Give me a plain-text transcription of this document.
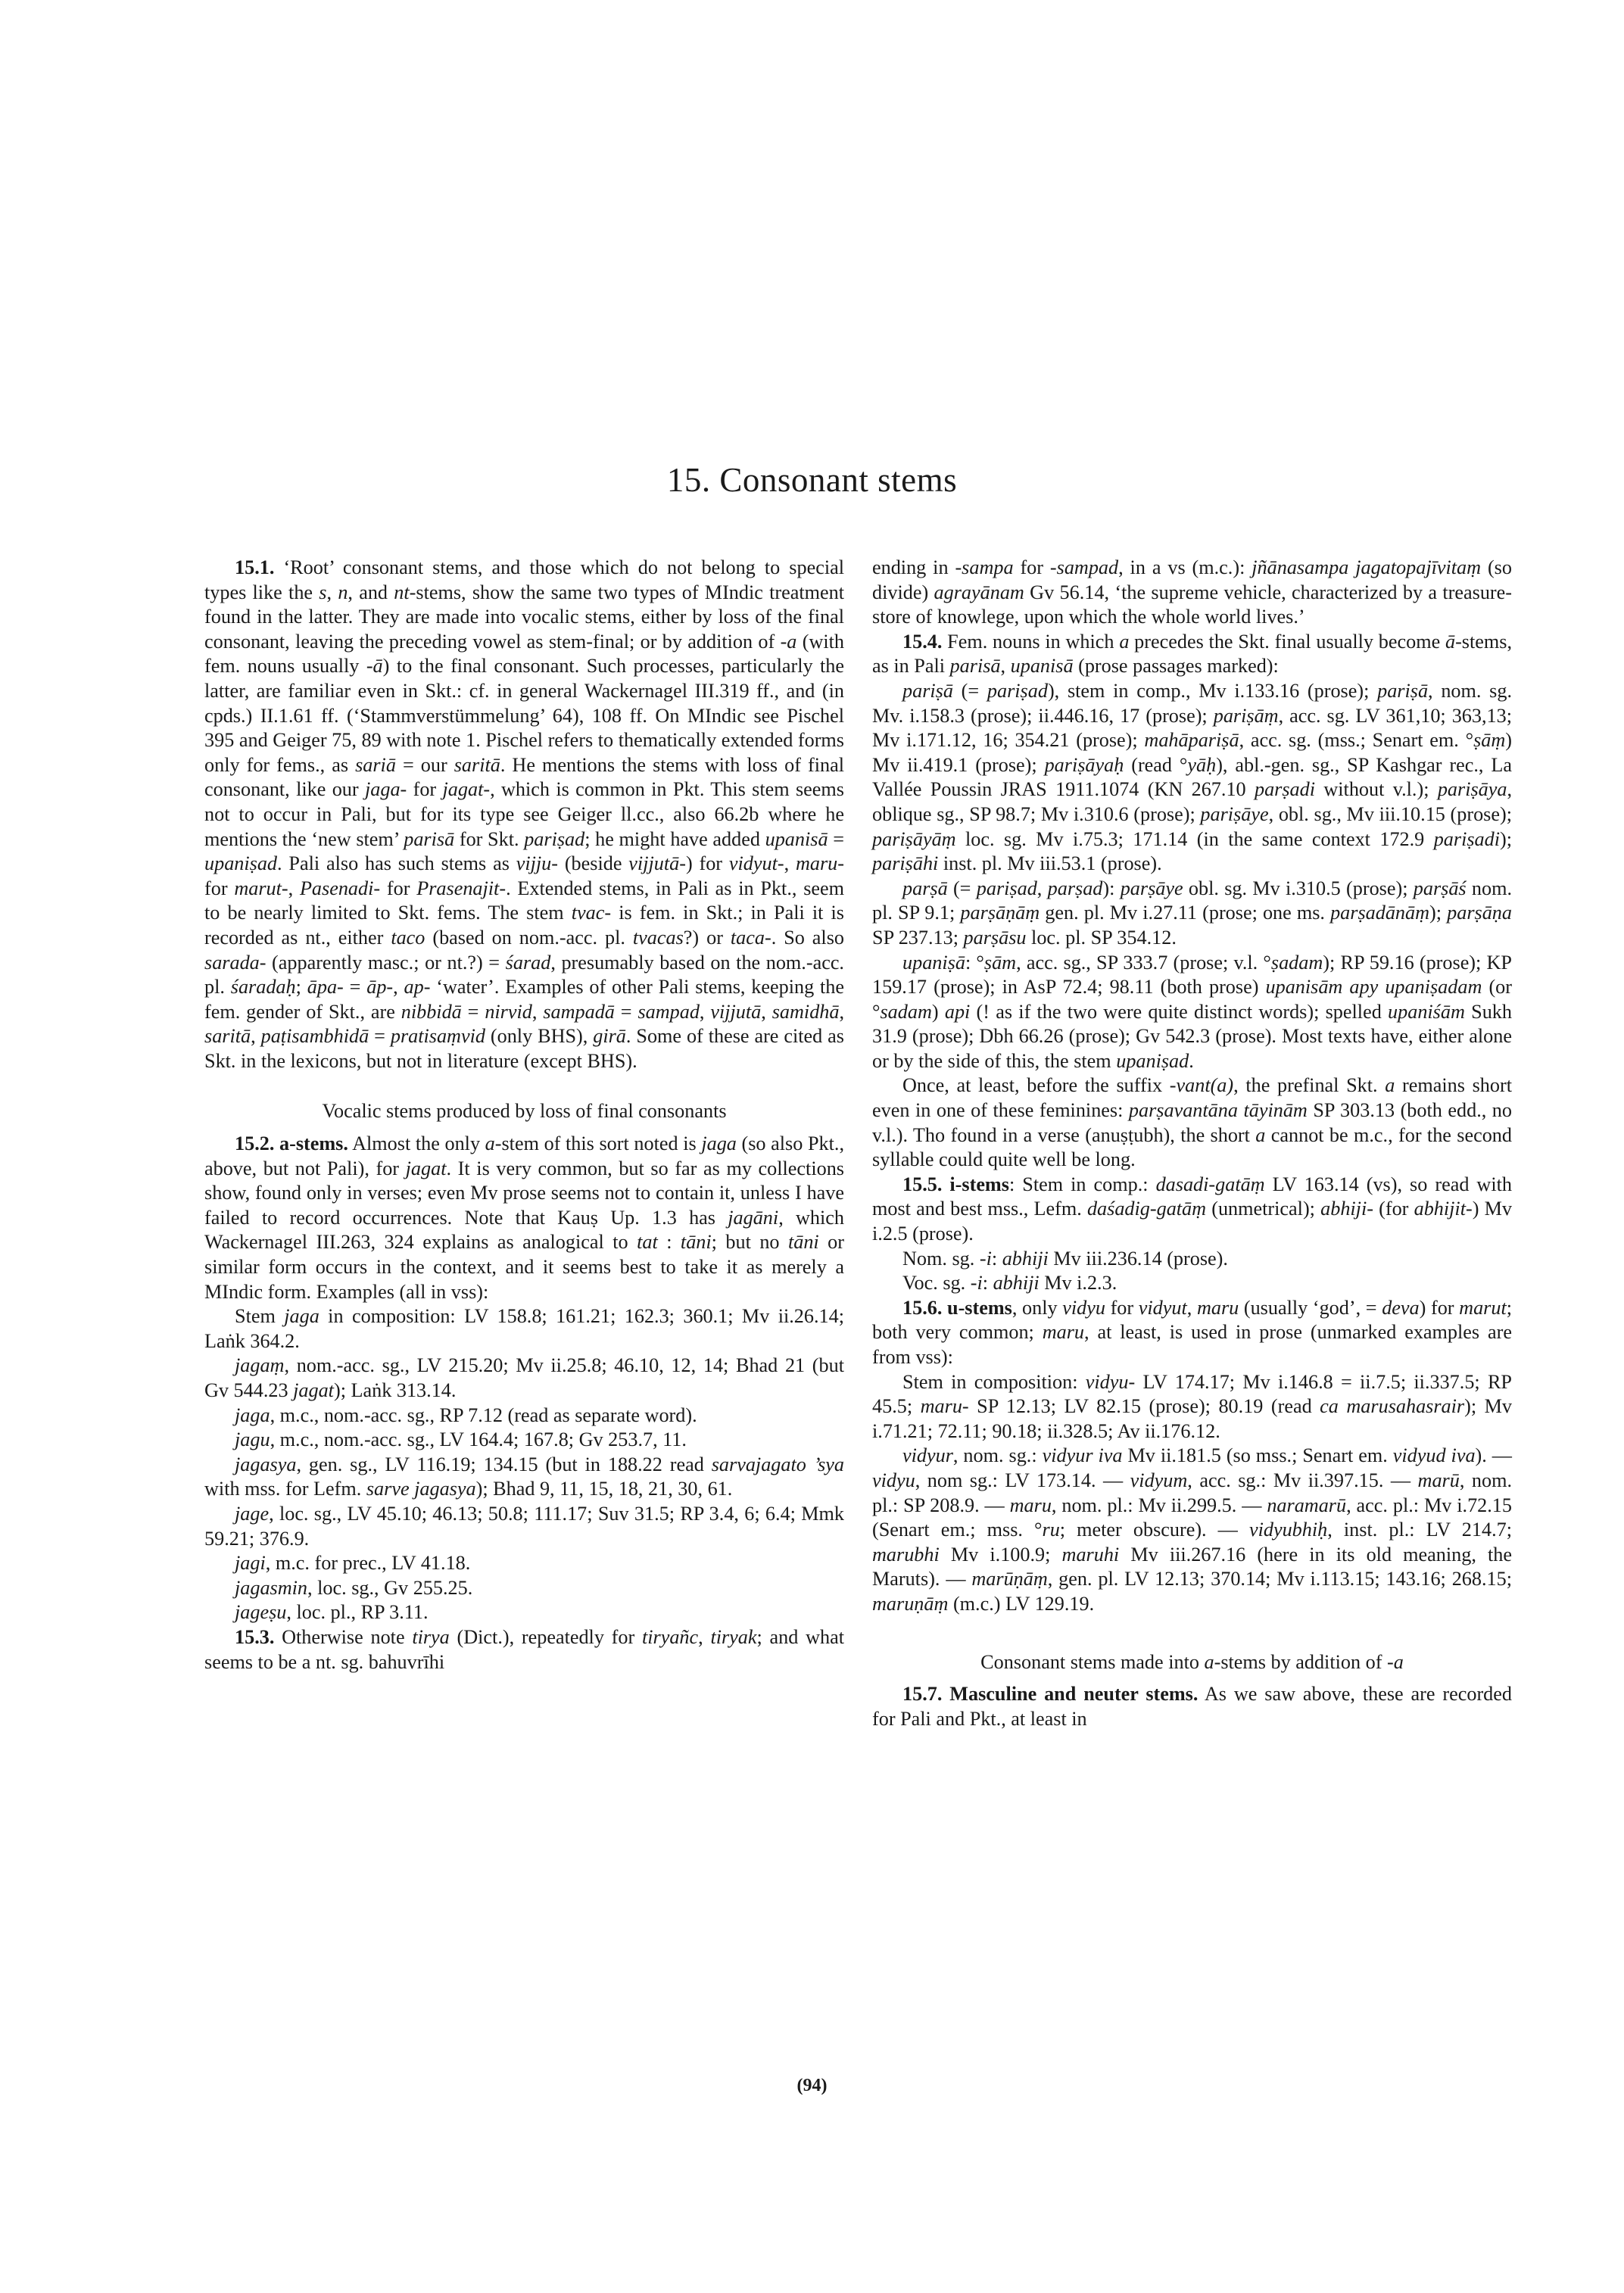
15. Consonant stems

15.1. ‘Root’ consonant stems, and those which do not belong to special types like the s, n, and nt-stems, show the same two types of MIndic treatment found in the latter. They are made into vocalic stems, either by loss of the final consonant, leaving the preceding vowel as stem-final; or by addition of -a (with fem. nouns usually -ā) to the final consonant. Such processes, particularly the latter, are familiar even in Skt.: cf. in general Wackernagel III.319 ff., and (in cpds.) II.1.61 ff. (‘Stammverstümmelung’ 64), 108 ff. On MIndic see Pischel 395 and Geiger 75, 89 with note 1. Pischel refers to thematically extended forms only for fems., as sariā = our saritā. He mentions the stems with loss of final consonant, like our jaga- for jagat-, which is common in Pkt. This stem seems not to occur in Pali, but for its type see Geiger ll.cc., also 66.2b where he mentions the ‘new stem’ parisā for Skt. pariṣad; he might have added upanisā = upaniṣad. Pali also has such stems as vijju- (beside vijjutā-) for vidyut-, maru- for marut-, Pasenadi- for Prasenajit-. Extended stems, in Pali as in Pkt., seem to be nearly limited to Skt. fems. The stem tvac- is fem. in Skt.; in Pali it is recorded as nt., either taco (based on nom.-acc. pl. tvacas?) or taca-. So also sarada- (apparently masc.; or nt.?) = śarad, presumably based on the nom.-acc. pl. śaradaḥ; āpa- = āp-, ap- ‘water’. Examples of other Pali stems, keeping the fem. gender of Skt., are nibbidā = nirvid, sampadā = sampad, vijjutā, samidhā, saritā, paṭisambhidā = pratisaṃvid (only BHS), girā. Some of these are cited as Skt. in the lexicons, but not in literature (except BHS).

Vocalic stems produced by loss of final consonants

15.2. a-stems. Almost the only a-stem of this sort noted is jaga (so also Pkt., above, but not Pali), for jagat. It is very common, but so far as my collections show, found only in verses; even Mv prose seems not to contain it, unless I have failed to record occurrences. Note that Kauṣ Up. 1.3 has jagāni, which Wackernagel III.263, 324 explains as analogical to tat : tāni; but no tāni or similar form occurs in the context, and it seems best to take it as merely a MIndic form. Examples (all in vss):

Stem jaga in composition: LV 158.8; 161.21; 162.3; 360.1; Mv ii.26.14; Laṅk 364.2.

jagaṃ, nom.-acc. sg., LV 215.20; Mv ii.25.8; 46.10, 12, 14; Bhad 21 (but Gv 544.23 jagat); Laṅk 313.14.

jaga, m.c., nom.-acc. sg., RP 7.12 (read as separate word).

jagu, m.c., nom.-acc. sg., LV 164.4; 167.8; Gv 253.7, 11.

jagasya, gen. sg., LV 116.19; 134.15 (but in 188.22 read sarvajagato ’sya with mss. for Lefm. sarve jagasya); Bhad 9, 11, 15, 18, 21, 30, 61.

jage, loc. sg., LV 45.10; 46.13; 50.8; 111.17; Suv 31.5; RP 3.4, 6; 6.4; Mmk 59.21; 376.9.

jagi, m.c. for prec., LV 41.18.

jagasmin, loc. sg., Gv 255.25.

jageṣu, loc. pl., RP 3.11.

15.3. Otherwise note tirya (Dict.), repeatedly for tiryañc, tiryak; and what seems to be a nt. sg. bahuvrīhi

ending in -sampa for -sampad, in a vs (m.c.): jñānasampa jagatopajīvitaṃ (so divide) agrayānam Gv 56.14, ‘the supreme vehicle, characterized by a treasure-store of knowlege, upon which the whole world lives.’

15.4. Fem. nouns in which a precedes the Skt. final usually become ā-stems, as in Pali parisā, upanisā (prose passages marked):

pariṣā (= pariṣad), stem in comp., Mv i.133.16 (prose); pariṣā, nom. sg. Mv. i.158.3 (prose); ii.446.16, 17 (prose); pariṣāṃ, acc. sg. LV 361,10; 363,13; Mv i.171.12, 16; 354.21 (prose); mahāpariṣā, acc. sg. (mss.; Senart em. °ṣāṃ) Mv ii.419.1 (prose); pariṣāyaḥ (read °yāḥ), abl.-gen. sg., SP Kashgar rec., La Vallée Poussin JRAS 1911.1074 (KN 267.10 parṣadi without v.l.); pariṣāya, oblique sg., SP 98.7; Mv i.310.6 (prose); pariṣāye, obl. sg., Mv iii.10.15 (prose); pariṣāyāṃ loc. sg. Mv i.75.3; 171.14 (in the same context 172.9 pariṣadi); pariṣāhi inst. pl. Mv iii.53.1 (prose).

parṣā (= pariṣad, parṣad): parṣāye obl. sg. Mv i.310.5 (prose); parṣāś nom. pl. SP 9.1; parṣāṇāṃ gen. pl. Mv i.27.11 (prose; one ms. parṣadānāṃ); parṣāṇa SP 237.13; parṣāsu loc. pl. SP 354.12.

upaniṣā: °ṣām, acc. sg., SP 333.7 (prose; v.l. °ṣadam); RP 59.16 (prose); KP 159.17 (prose); in AsP 72.4; 98.11 (both prose) upanisām apy upaniṣadam (or °sadam) api (! as if the two were quite distinct words); spelled upaniśām Sukh 31.9 (prose); Dbh 66.26 (prose); Gv 542.3 (prose). Most texts have, either alone or by the side of this, the stem upaniṣad.

Once, at least, before the suffix -vant(a), the prefinal Skt. a remains short even in one of these feminines: parṣavantāna tāyinām SP 303.13 (both edd., no v.l.). Tho found in a verse (anuṣṭubh), the short a cannot be m.c., for the second syllable could quite well be long.

15.5. i-stems: Stem in comp.: dasadi-gatāṃ LV 163.14 (vs), so read with most and best mss., Lefm. daśadig-gatāṃ (unmetrical); abhiji- (for abhijit-) Mv i.2.5 (prose).

Nom. sg. -i: abhiji Mv iii.236.14 (prose).

Voc. sg. -i: abhiji Mv i.2.3.

15.6. u-stems, only vidyu for vidyut, maru (usually ‘god’, = deva) for marut; both very common; maru, at least, is used in prose (unmarked examples are from vss):

Stem in composition: vidyu- LV 174.17; Mv i.146.8 = ii.7.5; ii.337.5; RP 45.5; maru- SP 12.13; LV 82.15 (prose); 80.19 (read ca marusahasrair); Mv i.71.21; 72.11; 90.18; ii.328.5; Av ii.176.12.

vidyur, nom. sg.: vidyur iva Mv ii.181.5 (so mss.; Senart em. vidyud iva). — vidyu, nom sg.: LV 173.14. — vidyum, acc. sg.: Mv ii.397.15. — marū, nom. pl.: SP 208.9. — maru, nom. pl.: Mv ii.299.5. — naramarū, acc. pl.: Mv i.72.15 (Senart em.; mss. °ru; meter obscure). — vidyubhiḥ, inst. pl.: LV 214.7; marubhi Mv i.100.9; maruhi Mv iii.267.16 (here in its old meaning, the Maruts). — marūṇāṃ, gen. pl. LV 12.13; 370.14; Mv i.113.15; 143.16; 268.15; maruṇāṃ (m.c.) LV 129.19.

Consonant stems made into a-stems by addition of -a

15.7. Masculine and neuter stems. As we saw above, these are recorded for Pali and Pkt., at least in

(94)
